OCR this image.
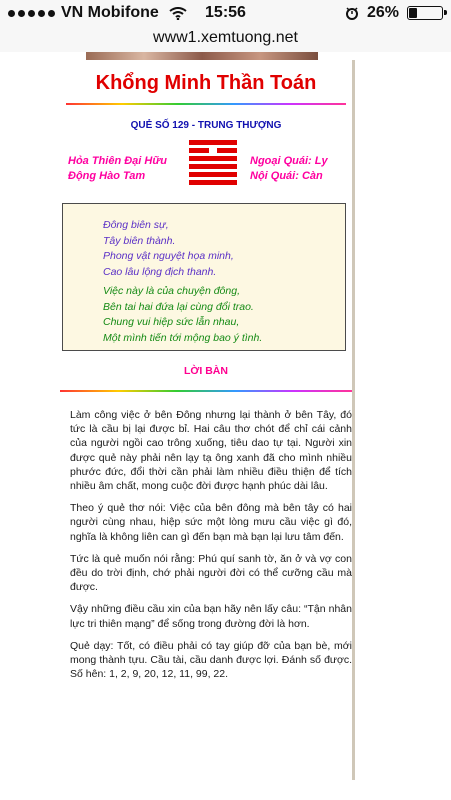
VN Mobifone	15:56	26%
www1.xemtuong.net
Khổng Minh Thần Toán
QUẺ SỐ 129 - TRUNG THƯỢNG
Hỏa Thiên Đại Hữu
Động Hào Tam
Ngoại Quái: Ly
Nội Quái: Càn
Đông biên sự,
Tây biên thành.
Phong vật nguyệt họa minh,
Cao lâu lộng địch thanh.
Việc này là của chuyện đông,
Bên tai hai đứa lại cùng đổi trao.
Chung vui hiệp sức lẫn nhau,
Một mình tiến tới mộng bao ý tình.
LỜI BÀN

Làm công việc ở bên Đông nhưng lại thành ở bên Tây, đó tức là cầu bị lại được bỉ. Hai câu thơ chót để chỉ cái cảnh của người ngồi cao trông xuống, tiêu dao tự tại. Người xin được quẻ này phải nên lạy tạ ông xanh đã cho mình nhiều phước đức, đổi thời cần phải làm nhiều điều thiện để tích nhiều âm chất, mong cuộc đời được hạnh phúc dài lâu.

Theo ý quẻ thơ nói: Việc của bên đông mà bên tây có hai người cùng nhau, hiệp sức một lòng mưu cầu việc gì đó, nghĩa là không liên can gì đến bạn mà bạn lại lưu tâm đến.

Tức là quẻ muốn nói rằng: Phú quí sanh tờ, ăn ở và vợ con đều do trời định, chớ phải người đời có thể cưỡng cầu mà được.

Vậy những điều cầu xin của bạn hãy nên lấy câu: “Tận nhân lực tri thiên mạng” để sống trong đường đời là hơn.

Quẻ dạy: Tốt, có điều phải có tay giúp đỡ của bạn bè, mới mong thành tựu. Cầu tài, cầu danh được lợi. Đánh số được. Số hên: 1, 2, 9, 20, 12, 11, 99, 22.
